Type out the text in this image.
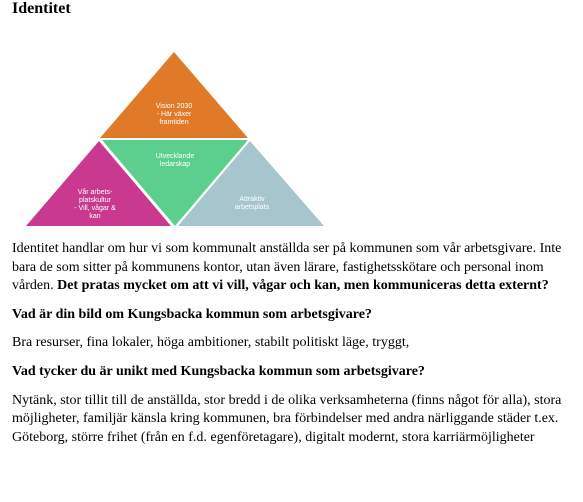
Identitet
Vision 2030 - Här växer framtiden
Utvecklande ledarskap
Vår arbets-platskultur - Vill, vågar & kan
Attraktiv arbetsplats

Identitet handlar om hur vi som kommunalt anställda ser på kommunen som vår arbetsgivare. Inte bara de som sitter på kommunens kontor, utan även lärare, fastighetsskötare och personal inom vården. Det pratas mycket om att vi vill, vågar och kan, men kommuniceras detta externt?

Vad är din bild om Kungsbacka kommun som arbetsgivare?

Bra resurser, fina lokaler, höga ambitioner, stabilt politiskt läge, tryggt,

Vad tycker du är unikt med Kungsbacka kommun som arbetsgivare?

Nytänk, stor tillit till de anställda, stor bredd i de olika verksamheterna (finns något för alla), stora möjligheter, familjär känsla kring kommunen, bra förbindelser med andra närliggande städer t.ex. Göteborg, större frihet (från en f.d. egenföretagare), digitalt modernt, stora karriärmöjligheter
